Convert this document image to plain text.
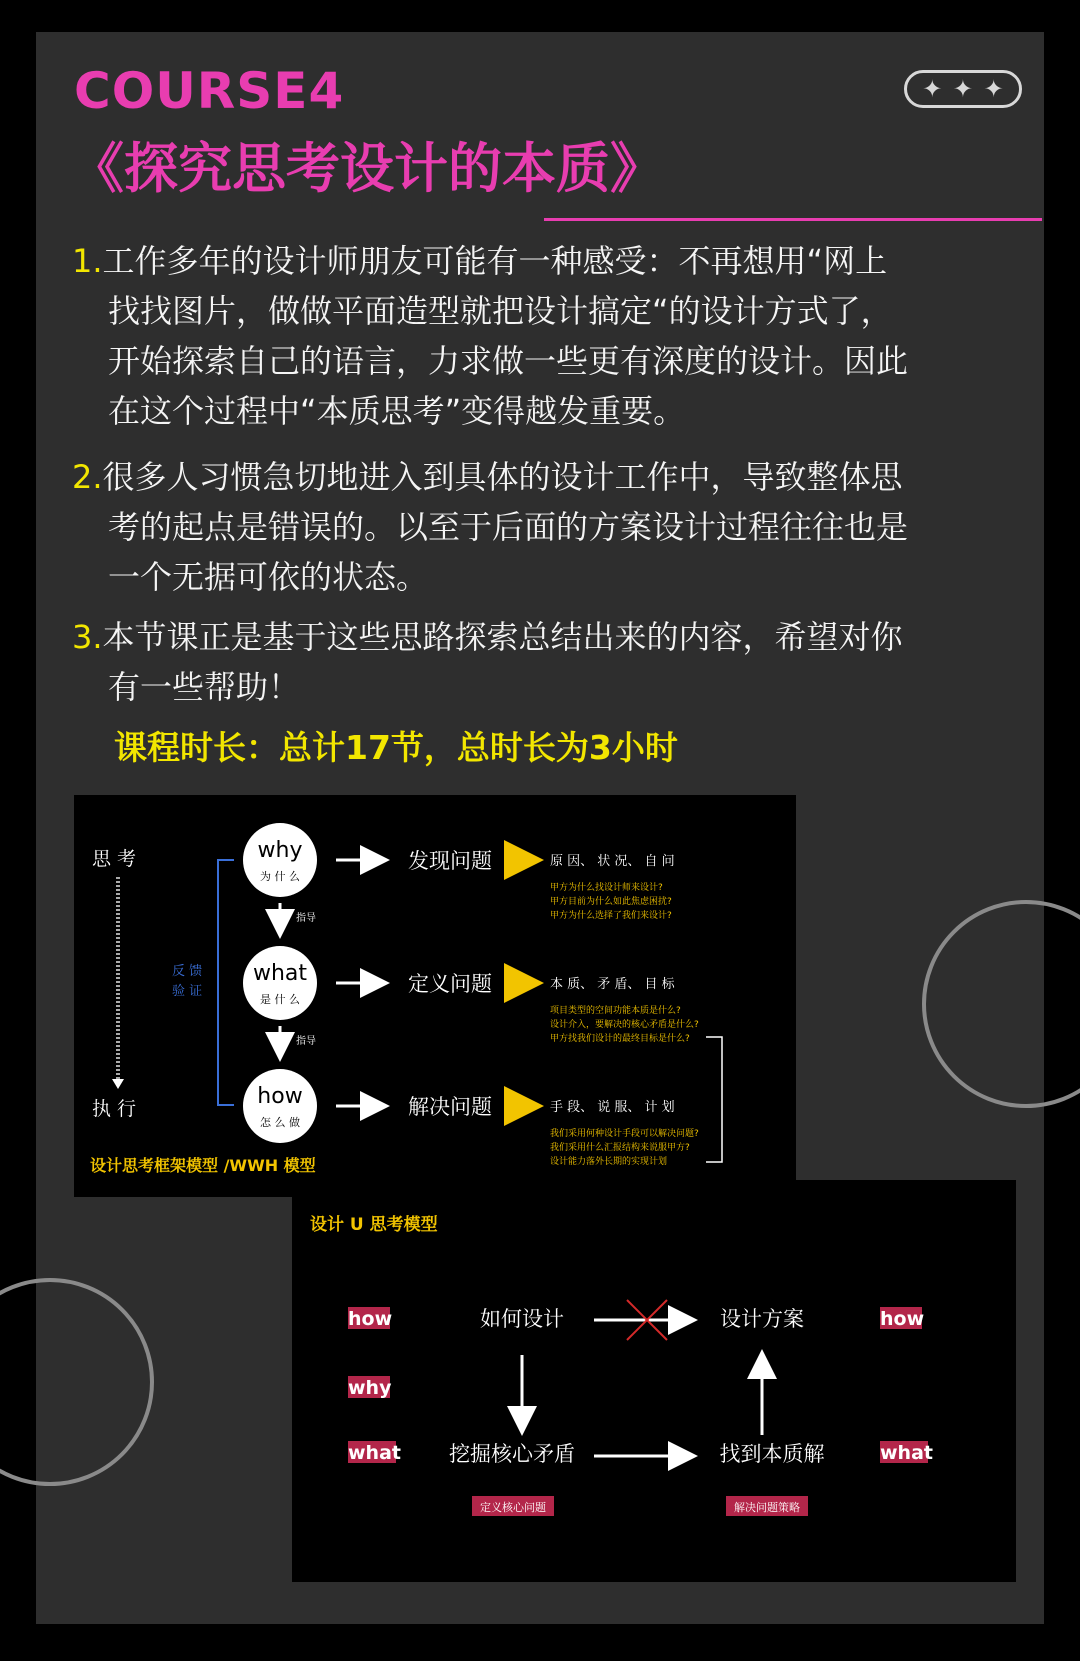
COURSE4
《探究思考设计的本质》
✦ ✦ ✦
1.工作多年的设计师朋友可能有一种感受：不再想用“网上
找找图片，做做平面造型就把设计搞定“的设计方式了，
开始探索自己的语言，力求做一些更有深度的设计。因此
在这个过程中“本质思考”变得越发重要。
2.很多人习惯急切地进入到具体的设计工作中，导致整体思
考的起点是错误的。以至于后面的方案设计过程往往也是
一个无据可依的状态。
3.本节课正是基于这些思路探索总结出来的内容，希望对你
有一些帮助！
课程时长：总计17节，总时长为3小时
思 考
执 行
反 馈
验 证
why
为 什 么
what
是 什 么
how
怎 么 做
指导
指导
发现问题	原 因、 状 况、 自 问
甲方为什么找设计师来设计?
甲方目前为什么如此焦虑困扰?
甲方为什么选择了我们来设计?
定义问题	本 质、 矛 盾、 目 标
项目类型的空间功能本质是什么?
设计介入，要解决的核心矛盾是什么?
甲方找我们设计的最终目标是什么?
解决问题	手 段、 说 服、 计 划
我们采用何种设计手段可以解决问题?
我们采用什么汇报结构来说服甲方?
设计能力落外长期的实现计划
设计思考框架模型 /WWH 模型
设计 U 思考模型
how
why
what
how
what
如何设计	设计方案
挖掘核心矛盾	找到本质解
定义核心问题	解决问题策略
